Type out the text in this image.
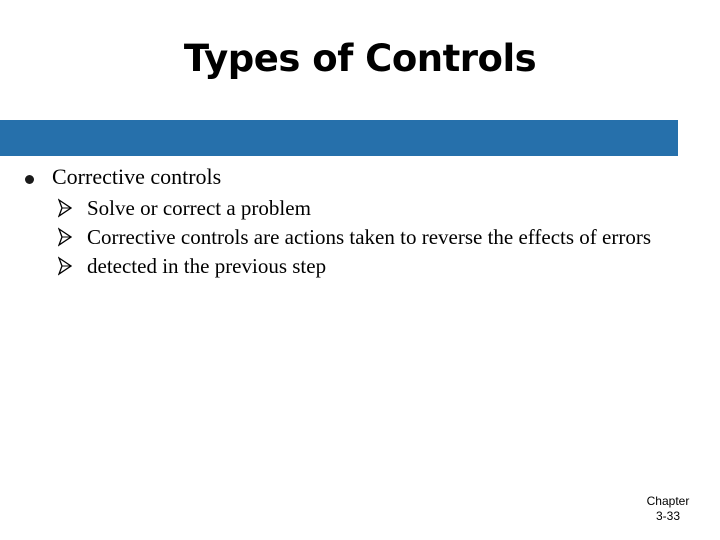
Types of Controls
Corrective controls
Solve or correct a problem
Corrective controls are actions taken to reverse the effects of errors
detected in the previous step
Chapter
3-33
